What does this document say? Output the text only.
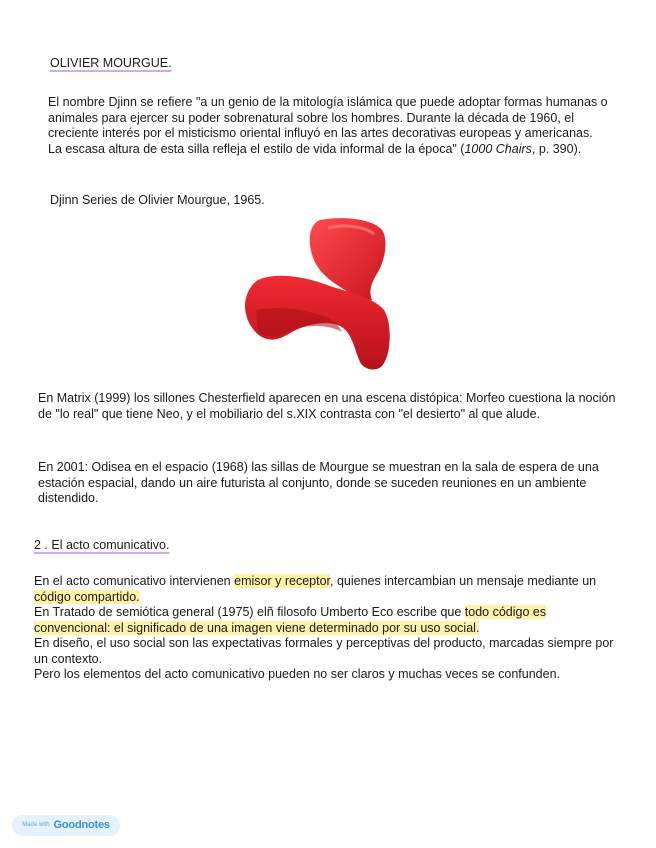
OLIVIER MOURGUE.
El nombre Djinn se refiere "a un genio de la mitología islámica que puede adoptar formas humanas o animales para ejercer su poder sobrenatural sobre los hombres. Durante la década de 1960, el creciente interés por el misticismo oriental influyó en las artes decorativas europeas y americanas. La escasa altura de esta silla refleja el estilo de vida informal de la época" (1000 Chairs, p. 390).
Djinn Series de Olivier Mourgue, 1965.
En Matrix (1999) los sillones Chesterfield aparecen en una escena distópica: Morfeo cuestiona la noción de "lo real" que tiene Neo, y el mobiliario del s.XIX contrasta con "el desierto" al que alude.
En 2001: Odisea en el espacio (1968) las sillas de Mourgue se muestran en la sala de espera de una estación espacial, dando un aire futurista al conjunto, donde se suceden reuniones en un ambiente distendido.
2 . El acto comunicativo.
En el acto comunicativo intervienen emisor y receptor, quienes intercambian un mensaje mediante un código compartido.
En Tratado de semiótica general (1975) elñ filosofo Umberto Eco escribe que todo código es convencional: el significado de una imagen viene determinado por su uso social.
En diseño, el uso social son las expectativas formales y perceptivas del producto, marcadas siempre por un contexto.
Pero los elementos del acto comunicativo pueden no ser claros y muchas veces se confunden.
Made with Goodnotes
